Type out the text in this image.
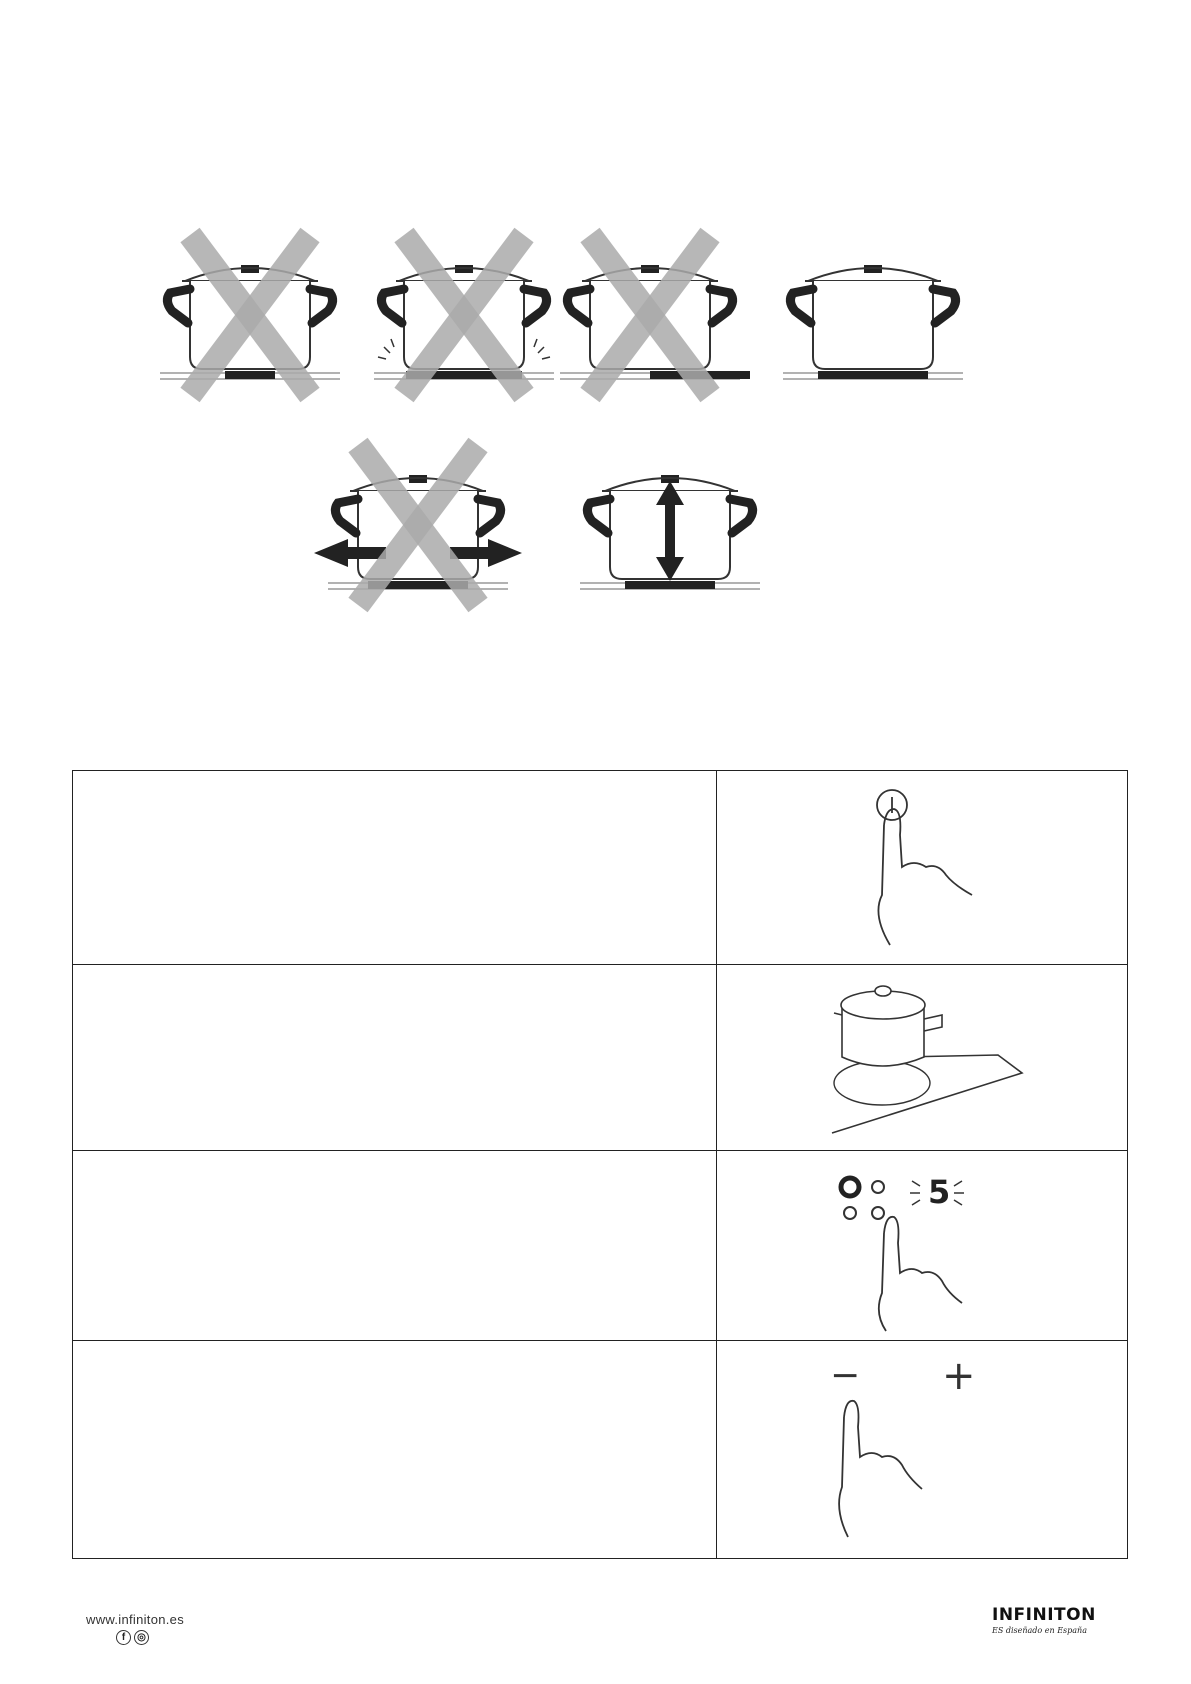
5

− +
www.infiniton.es
f	◎
INFINITON
ES diseñado en España
